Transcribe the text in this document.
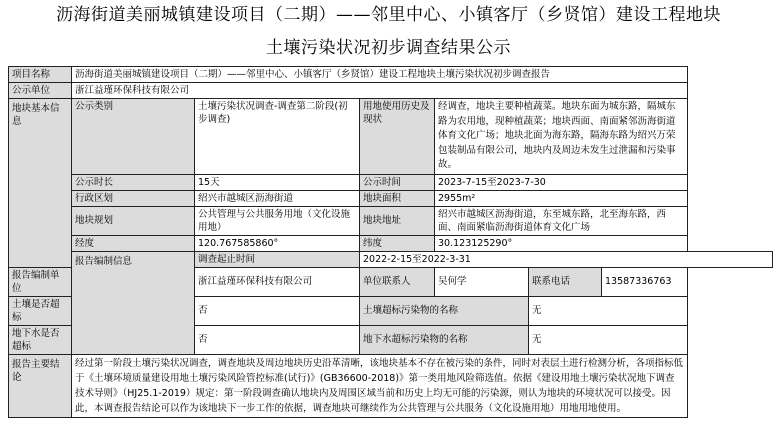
沥海街道美丽城镇建设项目（二期）——邻里中心、小镇客厅（乡贤馆）建设工程地块
土壤污染状况初步调查结果公示
项目名称	沥海街道美丽城镇建设项目（二期）——邻里中心、小镇客厅（乡贤馆）建设工程地块土壤污染状况初步调查报告					
公示单位	浙江益瑾环保科技有限公司					
地块基本信息	公示类别	土壤污染状况调查-调查第二阶段(初步调查)	用地使用历史及现状	经调查，地块主要种植蔬菜。地块东面为城东路，隔城东路为农用地，现种植蔬菜；地块西面、南面紧邻沥海街道体育文化广场；地块北面为海东路，隔海东路为绍兴万荣包装制品有限公司，地块内及周边未发生过泄漏和污染事故。		
	公示时长	15天	公示时间	2023-7-15至2023-7-30		
	行政区划	绍兴市越城区沥海街道	地块面积	2955m²		
	地块规划	公共管理与公共服务用地（文化设施用地）	地块地址	绍兴市越城区沥海街道，东至城东路，北至海东路，西面、南面紧临沥海街道体育文化广场		
	经度	120.767585860°	纬度	30.123125290°		
	报告编制信息	调查起止时间	2022-2-15至2022-3-31			
报告编制单位		浙江益瑾环保科技有限公司	单位联系人	吴何学	联系电话	13587336763
土壤是否超标		否	土壤超标污染物的名称		无	
地下水是否超标		否	地下水超标污染物的名称		无	
报告主要结论	经过第一阶段土壤污染状况调查，调查地块及周边地块历史沿革清晰，该地块基本不存在被污染的条件，同时对表层土进行检测分析，各项指标低于《土壤环境质量建设用地土壤污染风险管控标准(试行)》(GB36600-2018)》第一类用地风险筛选值。依据《建设用地土壤污染状况地下调查技术导则》（HJ25.1-2019）规定：第一阶段调查确认地块内及周围区域当前和历史上均无可能的污染源，则认为地块的环境状况可以接受。因此，本调查报告结论可以作为该地块下一步工作的依据，调查地块可继续作为公共管理与公共服务（文化设施用地）用地用地使用。					
